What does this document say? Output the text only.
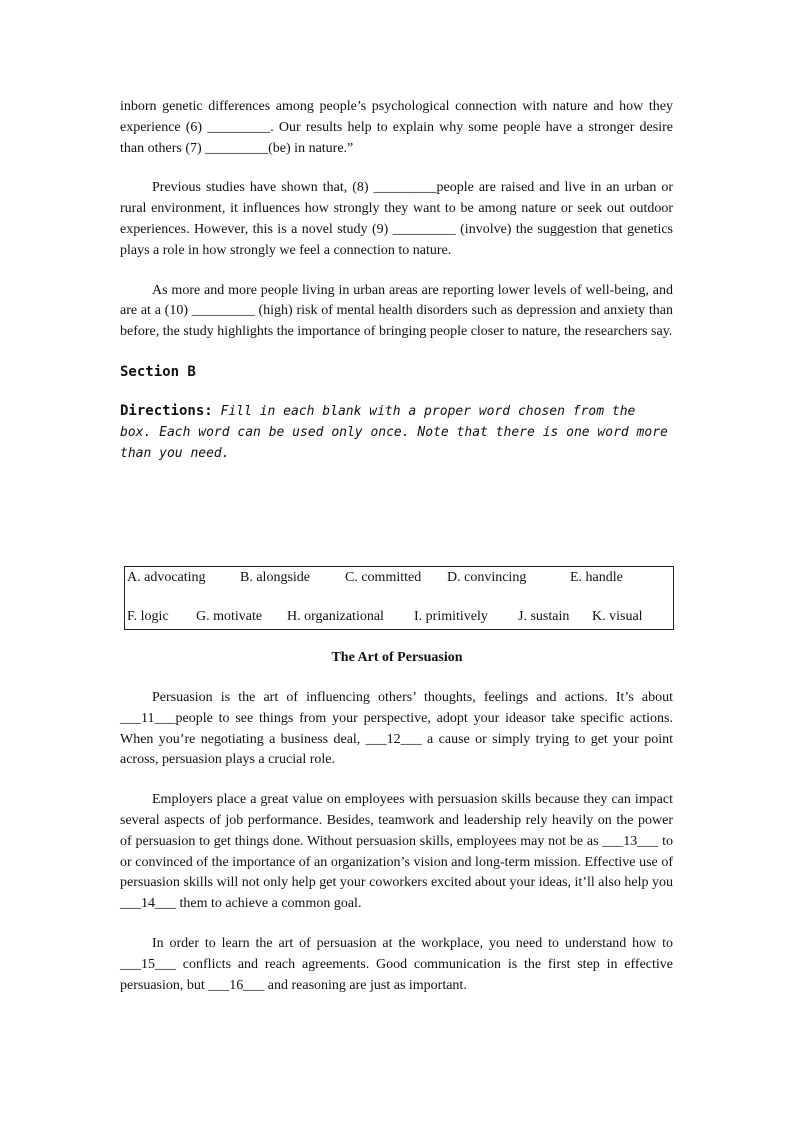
inborn genetic differences among people’s psychological connection with nature and how they experience (6) _________. Our results help to explain why some people have a stronger desire than others (7) _________(be) in nature.”

Previous studies have shown that, (8) _________people are raised and live in an urban or rural environment, it influences how strongly they want to be among nature or seek out outdoor experiences. However, this is a novel study (9) _________ (involve) the suggestion that genetics plays a role in how strongly we feel a connection to nature.

As more and more people living in urban areas are reporting lower levels of well-being, and are at a (10) _________ (high) risk of mental health disorders such as depression and anxiety than before, the study highlights the importance of bringing people closer to nature, the researchers say.

Section B

Directions: Fill in each blank with a proper word chosen from the box. Each word can be used only once. Note that there is one word more than you need.

A. advocating B. alongside	C. committed D. convincing	E. handle
F. logic G. motivate H. organizational I. primitively J. sustain K. visual
The Art of Persuasion

Persuasion is the art of influencing others’ thoughts, feelings and actions. It’s about ___11___people to see things from your perspective, adopt your ideasor take specific actions. When you’re negotiating a business deal, ___12___ a cause or simply trying to get your point across, persuasion plays a crucial role.

Employers place a great value on employees with persuasion skills because they can impact several aspects of job performance. Besides, teamwork and leadership rely heavily on the power of persuasion to get things done. Without persuasion skills, employees may not be as ___13___ to or convinced of the importance of an organization’s vision and long-term mission. Effective use of persuasion skills will not only help get your coworkers excited about your ideas, it’ll also help you ___14___ them to achieve a common goal.

In order to learn the art of persuasion at the workplace, you need to understand how to ___15___ conflicts and reach agreements. Good communication is the first step in effective persuasion, but ___16___ and reasoning are just as important.
